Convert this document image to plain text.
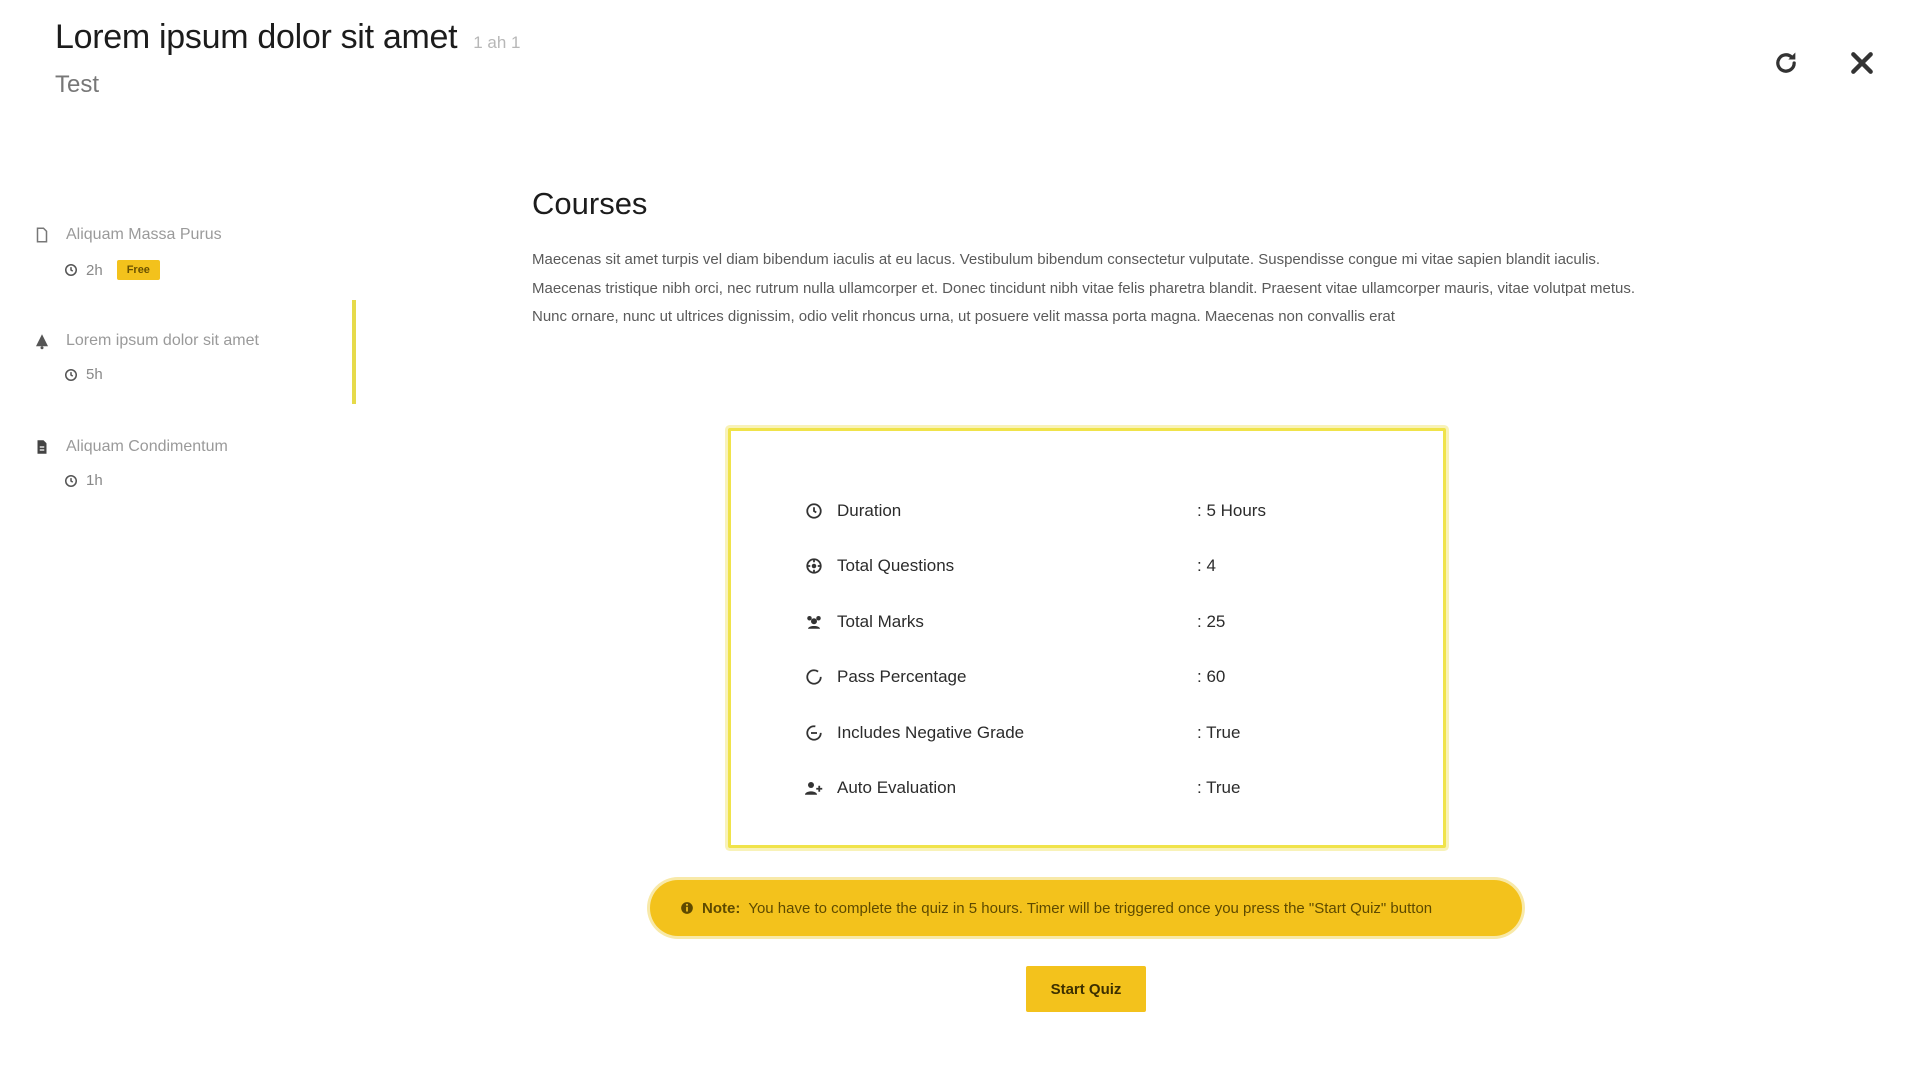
Lorem ipsum dolor sit amet 1 ah 1
Test
Aliquam Massa Purus
2h	Free
Lorem ipsum dolor sit amet
5h
Aliquam Condimentum
1h
Courses

Maecenas sit amet turpis vel diam bibendum iaculis at eu lacus. Vestibulum bibendum consectetur vulputate. Suspendisse congue mi vitae sapien blandit iaculis. Maecenas tristique nibh orci, nec rutrum nulla ullamcorper et. Donec tincidunt nibh vitae felis pharetra blandit. Praesent vitae ullamcorper mauris, vitae volutpat metus. Nunc ornare, nunc ut ultrices dignissim, odio velit rhoncus urna, ut posuere velit massa porta magna. Maecenas non convallis erat

Duration	: 5 Hours
Total Questions	: 4
Total Marks	: 25
Pass Percentage	: 60
Includes Negative Grade	: True
Auto Evaluation	: True
Note: You have to complete the quiz in 5 hours. Timer will be triggered once you press the "Start Quiz" button
Start Quiz
